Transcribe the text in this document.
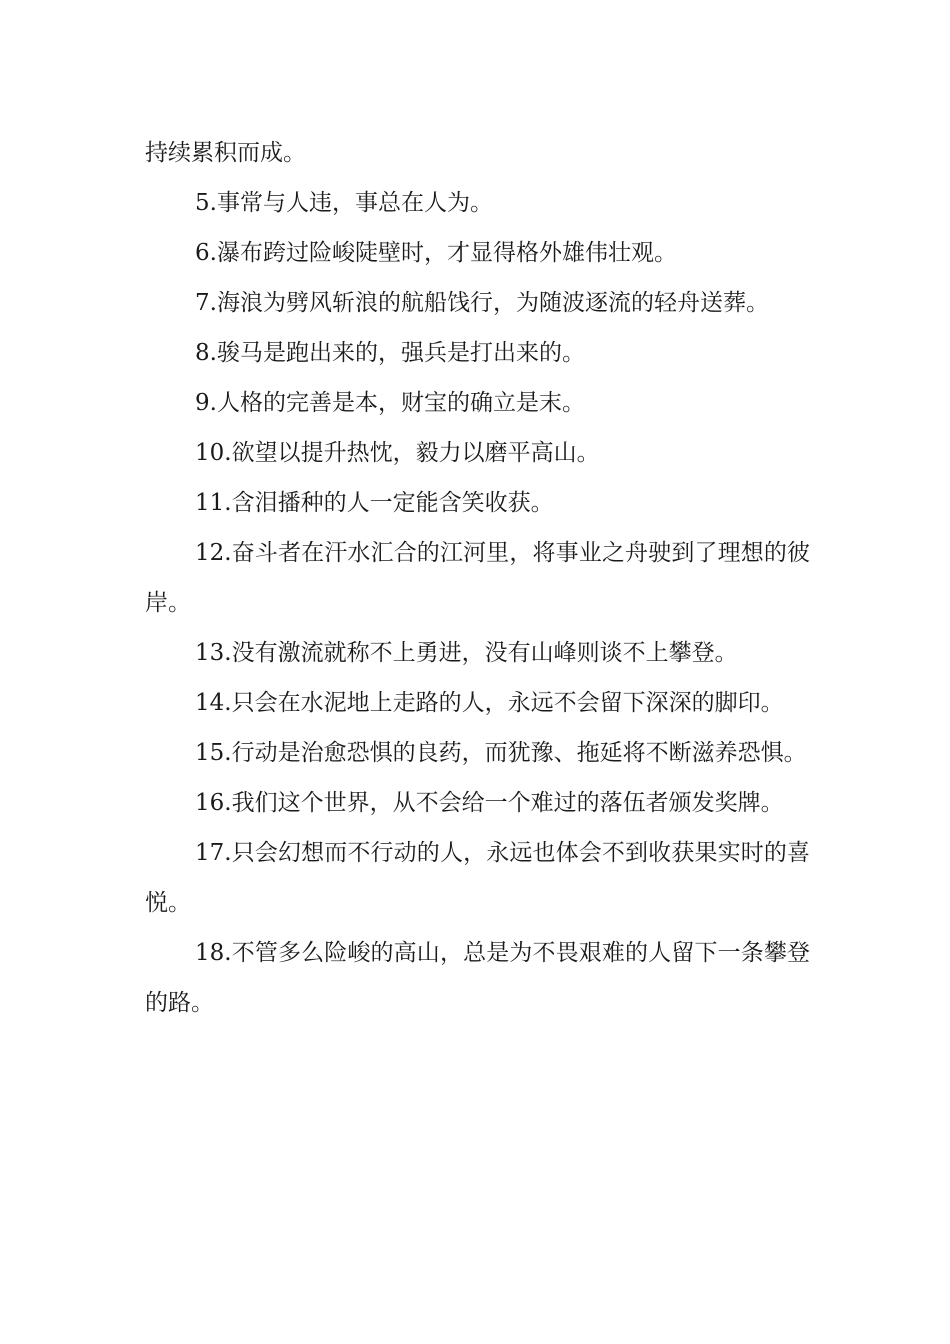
持续累积而成。

5.事常与人违，事总在人为。

6.瀑布跨过险峻陡壁时，才显得格外雄伟壮观。

7.海浪为劈风斩浪的航船饯行，为随波逐流的轻舟送葬。

8.骏马是跑出来的，强兵是打出来的。

9.人格的完善是本，财宝的确立是末。

10.欲望以提升热忱，毅力以磨平高山。

11.含泪播种的人一定能含笑收获。

12.奋斗者在汗水汇合的江河里，将事业之舟驶到了理想的彼岸。

13.没有激流就称不上勇进，没有山峰则谈不上攀登。

14.只会在水泥地上走路的人，永远不会留下深深的脚印。

15.行动是治愈恐惧的良药，而犹豫、拖延将不断滋养恐惧。

16.我们这个世界，从不会给一个难过的落伍者颁发奖牌。

17.只会幻想而不行动的人，永远也体会不到收获果实时的喜悦。

18.不管多么险峻的高山，总是为不畏艰难的人留下一条攀登的路。
